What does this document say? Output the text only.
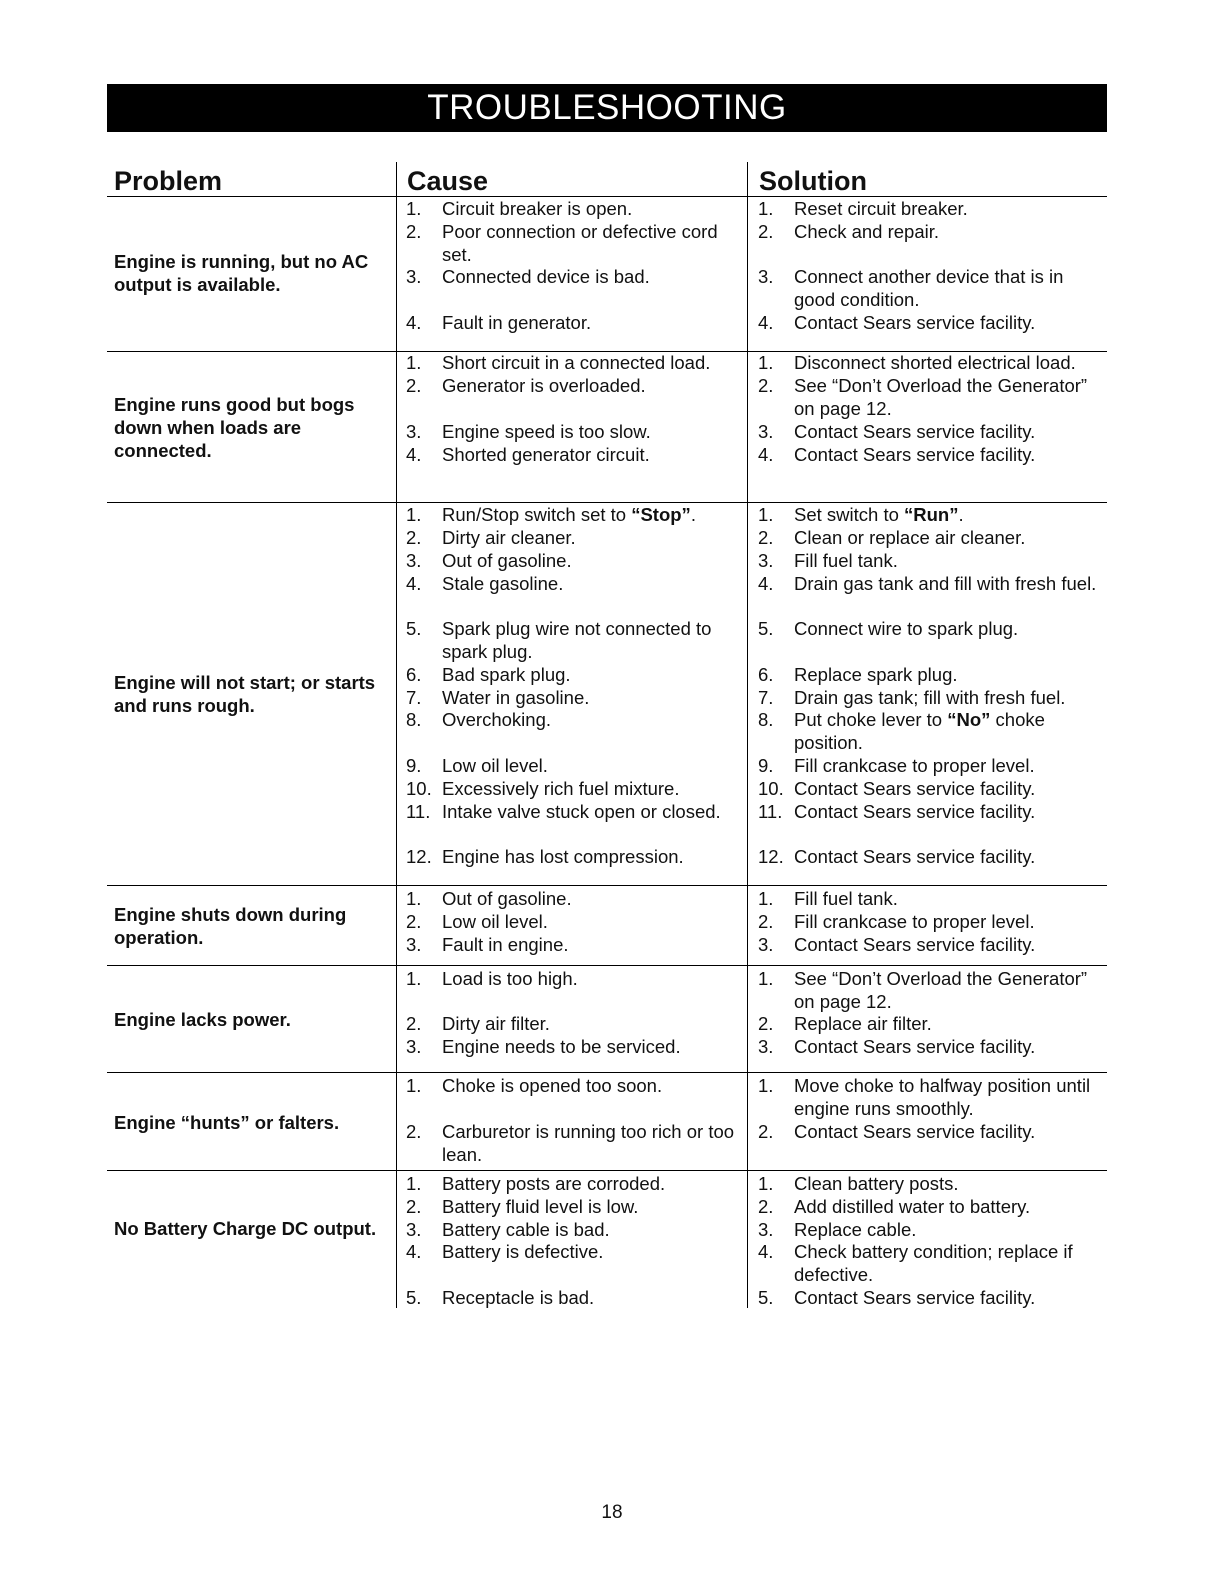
TROUBLESHOOTING
Problem	Cause	Solution
Engine is running, but no AC output is available.
1. Circuit breaker is open.
2. Poor connection or defective cord set.
3. Connected device is bad.
4. Fault in generator.
1. Reset circuit breaker.
2. Check and repair.
3. Connect another device that is in good condition.
4. Contact Sears service facility.
Engine runs good but bogs down when loads are connected.
1. Short circuit in a connected load.
2. Generator is overloaded.
3. Engine speed is too slow.
4. Shorted generator circuit.
1. Disconnect shorted electrical load.
2. See “Don’t Overload the Generator” on page 12.
3. Contact Sears service facility.
4. Contact Sears service facility.
Engine will not start; or starts and runs rough.
1. Run/Stop switch set to “Stop”.
2. Dirty air cleaner.
3. Out of gasoline.
4. Stale gasoline.
5. Spark plug wire not connected to spark plug.
6. Bad spark plug.
7. Water in gasoline.
8. Overchoking.
9. Low oil level.
10. Excessively rich fuel mixture.
11. Intake valve stuck open or closed.
12. Engine has lost compression.
1. Set switch to “Run”.
2. Clean or replace air cleaner.
3. Fill fuel tank.
4. Drain gas tank and fill with fresh fuel.
5. Connect wire to spark plug.
6. Replace spark plug.
7. Drain gas tank; fill with fresh fuel.
8. Put choke lever to “No” choke position.
9. Fill crankcase to proper level.
10. Contact Sears service facility.
11. Contact Sears service facility.
12. Contact Sears service facility.
Engine shuts down during operation.
1. Out of gasoline.
2. Low oil level.
3. Fault in engine.
1. Fill fuel tank.
2. Fill crankcase to proper level.
3. Contact Sears service facility.
Engine lacks power.
1. Load is too high.
2. Dirty air filter.
3. Engine needs to be serviced.
1. See “Don’t Overload the Generator” on page 12.
2. Replace air filter.
3. Contact Sears service facility.
Engine “hunts” or falters.
1. Choke is opened too soon.
2. Carburetor is running too rich or too lean.
1. Move choke to halfway position until engine runs smoothly.
2. Contact Sears service facility.
No Battery Charge DC output.
1. Battery posts are corroded.
2. Battery fluid level is low.
3. Battery cable is bad.
4. Battery is defective.
5. Receptacle is bad.
1. Clean battery posts.
2. Add distilled water to battery.
3. Replace cable.
4. Check battery condition; replace if defective.
5. Contact Sears service facility.
18
